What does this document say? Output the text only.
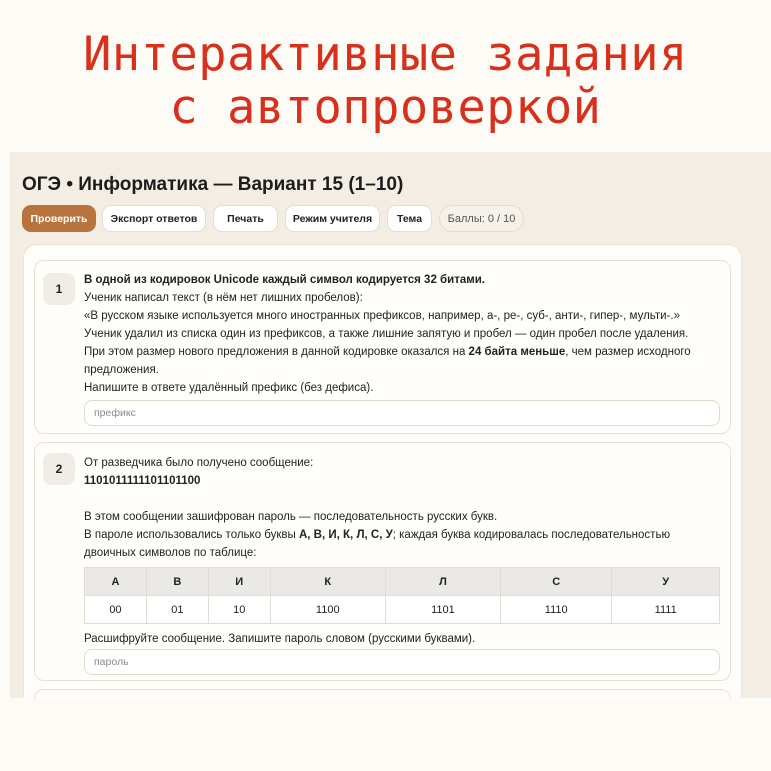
Интерактивные задания
с автопроверкой
ОГЭ • Информатика — Вариант 15 (1–10)
Проверить	Экспорт ответов	Печать	Режим учителя	Тема	Баллы: 0 / 10
1

В одной из кодировок Unicode каждый символ кодируется 32 битами.

Ученик написал текст (в нём нет лишних пробелов):

«В русском языке используется много иностранных префиксов, например, а-, ре-, суб-, анти-, гипер-, мульти-.»

Ученик удалил из списка один из префиксов, а также лишние запятую и пробел — один пробел после удаления.

При этом размер нового предложения в данной кодировке оказался на 24 байта меньше, чем размер исходного

предложения.

Напишите в ответе удалённый префикс (без дефиса).

префикс
2	От разведчика было получено сообщение:

1101011111101101100

В этом сообщении зашифрован пароль — последовательность русских букв.

В пароле использовались только буквы А, В, И, К, Л, С, У; каждая буква кодировалась последовательностью

двоичных символов по таблице:

А	В	И	К	Л	С	У
00	01	10	1100	1101	1110	1111
Расшифруйте сообщение. Запишите пароль словом (русскими буквами).
пароль
